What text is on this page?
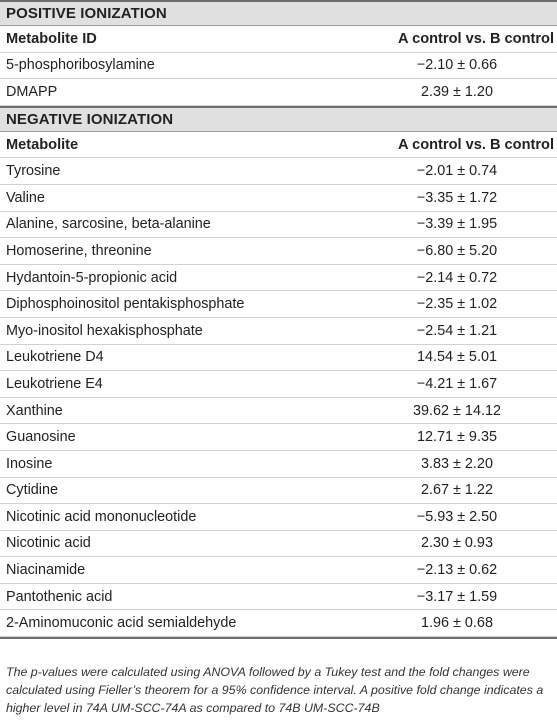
POSITIVE IONIZATION
Metabolite ID	A control vs. B control
5-phosphoribosylamine	−2.10 ± 0.66
DMAPP	2.39 ± 1.20
NEGATIVE IONIZATION
Metabolite	A control vs. B control
Tyrosine	−2.01 ± 0.74
Valine	−3.35 ± 1.72
Alanine, sarcosine, beta-alanine	−3.39 ± 1.95
Homoserine, threonine	−6.80 ± 5.20
Hydantoin-5-propionic acid	−2.14 ± 0.72
Diphosphoinositol pentakisphosphate	−2.35 ± 1.02
Myo-inositol hexakisphosphate	−2.54 ± 1.21
Leukotriene D4	14.54 ± 5.01
Leukotriene E4	−4.21 ± 1.67
Xanthine	39.62 ± 14.12
Guanosine	12.71 ± 9.35
Inosine	3.83 ± 2.20
Cytidine	2.67 ± 1.22
Nicotinic acid mononucleotide	−5.93 ± 2.50
Nicotinic acid	2.30 ± 0.93
Niacinamide	−2.13 ± 0.62
Pantothenic acid	−3.17 ± 1.59
2-Aminomuconic acid semialdehyde	1.96 ± 0.68
The p-values were calculated using ANOVA followed by a Tukey test and the fold changes were calculated using Fieller’s theorem for a 95% confidence interval. A positive fold change indicates a higher level in 74A UM-SCC-74A as compared to 74B UM-SCC-74B
